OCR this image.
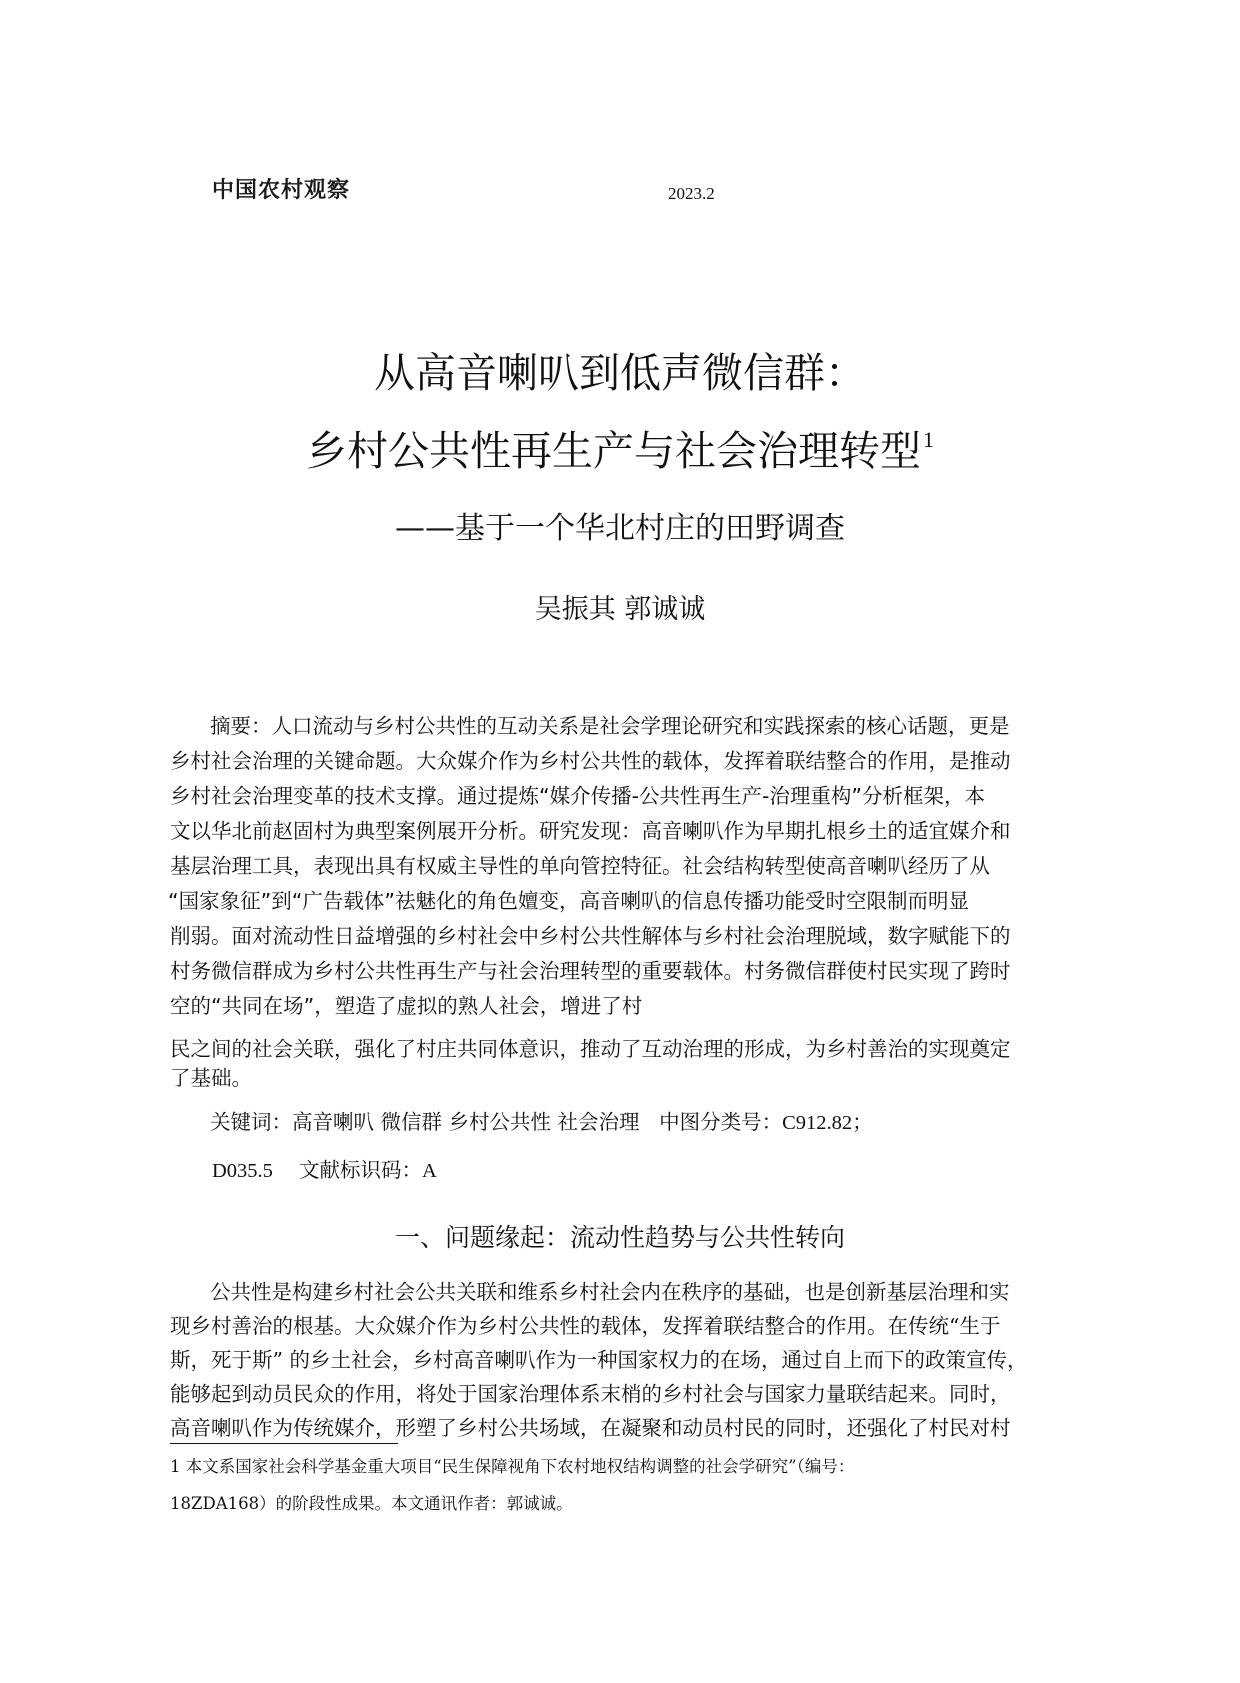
中国农村观察	2023.2
从高音喇叭到低声微信群：
乡村公共性再生产与社会治理转型$^1$
——基于一个华北村庄的田野调查
吴振其 郭诚诚
摘要：人口流动与乡村公共性的互动关系是社会学理论研究和实践探索的核心话题，更是
乡村社会治理的关键命题。大众媒介作为乡村公共性的载体，发挥着联结整合的作用，是推动
乡村社会治理变革的技术支撑。通过提炼“媒介传播-公共性再生产-治理重构”分析框架，本
文以华北前赵固村为典型案例展开分析。研究发现：高音喇叭作为早期扎根乡土的适宜媒介和
基层治理工具，表现出具有权威主导性的单向管控特征。社会结构转型使高音喇叭经历了从
“国家象征”到“广告载体”祛魅化的角色嬗变，高音喇叭的信息传播功能受时空限制而明显
削弱。面对流动性日益增强的乡村社会中乡村公共性解体与乡村社会治理脱域，数字赋能下的
村务微信群成为乡村公共性再生产与社会治理转型的重要载体。村务微信群使村民实现了跨时
空的“共同在场”，塑造了虚拟的熟人社会，增进了村
民之间的社会关联，强化了村庄共同体意识，推动了互动治理的形成，为乡村善治的实现奠定
了基础。
关键词：高音喇叭 微信群 乡村公共性 社会治理 中图分类号：C912.82；
D035.5 文献标识码：A
一、问题缘起：流动性趋势与公共性转向
公共性是构建乡村社会公共关联和维系乡村社会内在秩序的基础，也是创新基层治理和实
现乡村善治的根基。大众媒介作为乡村公共性的载体，发挥着联结整合的作用。在传统“生于
斯，死于斯” 的乡土社会，乡村高音喇叭作为一种国家权力的在场，通过自上而下的政策宣传，
能够起到动员民众的作用，将处于国家治理体系末梢的乡村社会与国家力量联结起来。同时，
高音喇叭作为传统媒介，形塑了乡村公共场域，在凝聚和动员村民的同时，还强化了村民对村
1 本文系国家社会科学基金重大项目“民生保障视角下农村地权结构调整的社会学研究”（编号：
18ZDA168）的阶段性成果。本文通讯作者：郭诚诚。
